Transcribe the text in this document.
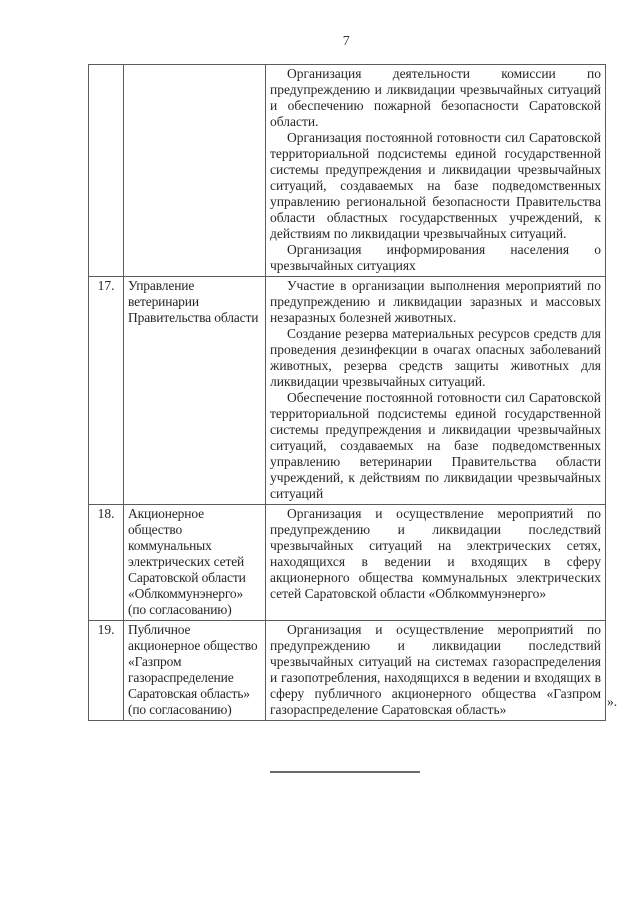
7

		Организация деятельности комиссии по предупреждению и ликвидации чрезвычайных ситуаций и обеспечению пожарной безопасности Саратовской области.

Организация постоянной готовности сил Саратовской территориальной подсистемы единой государственной системы предупреждения и ликвидации чрезвычайных ситуаций, создаваемых на базе подведомственных управлению региональной безопасности Правительства области областных государственных учреждений, к действиям по ликвидации чрезвычайных ситуаций.

Организация информирования населения о чрезвычайных ситуациях

17.	Управление ветеринарии Правительства области	Участие в организации выполнения мероприятий по предупреждению и ликвидации заразных и массовых незаразных болезней животных.

Создание резерва материальных ресурсов средств для проведения дезинфекции в очагах опасных заболеваний животных, резерва средств защиты животных для ликвидации чрезвычайных ситуаций.

Обеспечение постоянной готовности сил Саратовской территориальной подсистемы единой государственной системы предупреждения и ликвидации чрезвычайных ситуаций, создаваемых на базе подведомственных управлению ветеринарии Правительства области учреждений, к действиям по ликвидации чрезвычайных ситуаций

18.	Акционерное общество коммунальных электрических сетей Саратовской области «Облкоммунэнерго» (по согласованию)	Организация и осуществление мероприятий по предупреждению и ликвидации последствий чрезвычайных ситуаций на электрических сетях, находящихся в ведении и входящих в сферу акционерного общества коммунальных электрических сетей Саратовской области «Облкоммунэнерго»

19.	Публичное акционерное общество «Газпром газораспределение Саратовская область» (по согласованию)	Организация и осуществление мероприятий по предупреждению и ликвидации последствий чрезвычайных ситуаций на системах газораспределения и газопотребления, находящихся в ведении и входящих в сферу публичного акционерного общества «Газпром газораспределение Саратовская область»

».
